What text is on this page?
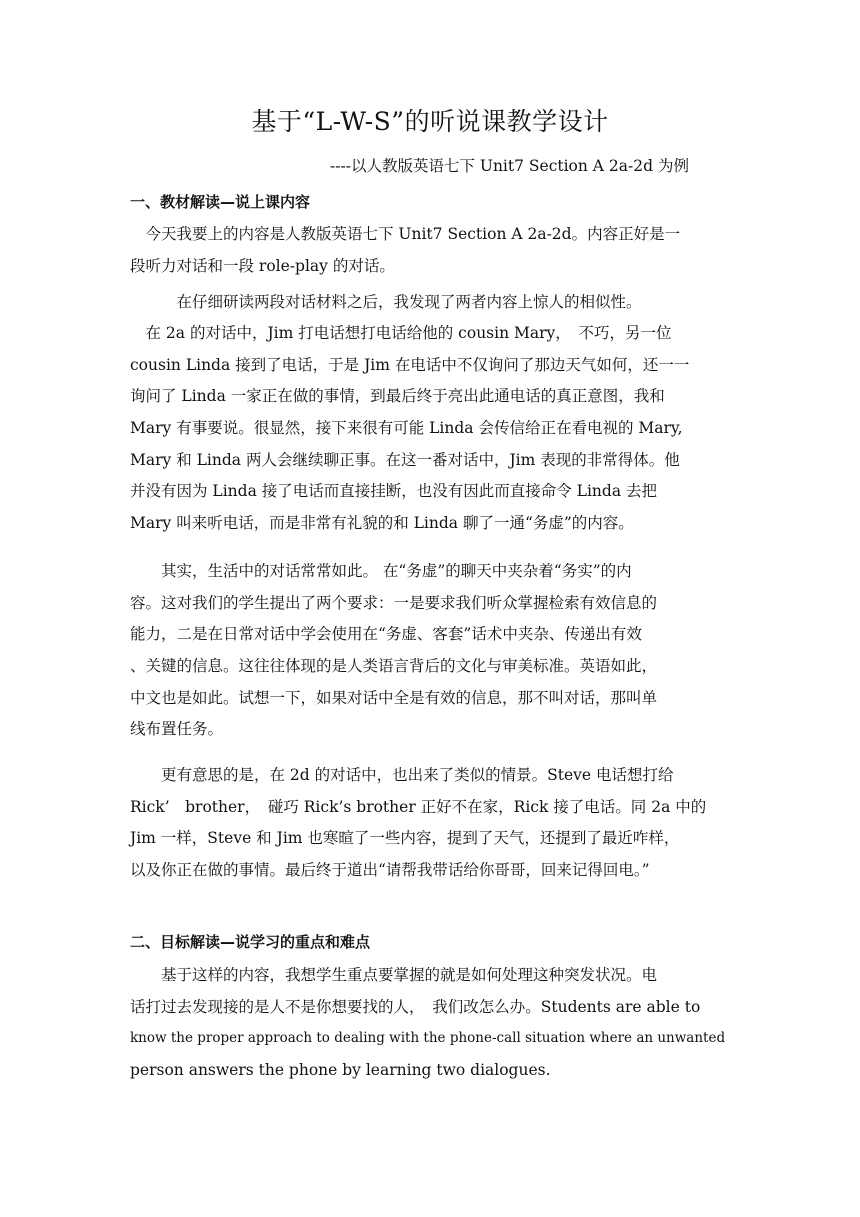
基于“L-W-S”的听说课教学设计
----以人教版英语七下 Unit7 Section A 2a-2d 为例
一、教材解读—说上课内容
　今天我要上的内容是人教版英语七下 Unit7 Section A 2a-2d。内容正好是一
段听力对话和一段 role-play 的对话。
　　　在仔细研读两段对话材料之后，我发现了两者内容上惊人的相似性。
　在 2a 的对话中，Jim 打电话想打电话给他的 cousin Mary，　不巧，另一位
cousin Linda 接到了电话，于是 Jim 在电话中不仅询问了那边天气如何，还一一
询问了 Linda 一家正在做的事情，到最后终于亮出此通电话的真正意图，我和
Mary 有事要说。很显然，接下来很有可能 Linda 会传信给正在看电视的 Mary,
Mary 和 Linda 两人会继续聊正事。在这一番对话中，Jim 表现的非常得体。他
并没有因为 Linda 接了电话而直接挂断，也没有因此而直接命令 Linda 去把
Mary 叫来听电话，而是非常有礼貌的和 Linda 聊了一通“务虚”的内容。
　　其实，生活中的对话常常如此。 在“务虚”的聊天中夹杂着“务实”的内
容。这对我们的学生提出了两个要求：一是要求我们听众掌握检索有效信息的
能力，二是在日常对话中学会使用在“务虚、客套”话术中夹杂、传递出有效
、关键的信息。这往往体现的是人类语言背后的文化与审美标准。英语如此，
中文也是如此。试想一下，如果对话中全是有效的信息，那不叫对话，那叫单
线布置任务。
　　更有意思的是，在 2d 的对话中，也出来了类似的情景。Steve 电话想打给
Rick’　brother，　碰巧 Rick’s brother 正好不在家，Rick 接了电话。同 2a 中的
Jim 一样，Steve 和 Jim 也寒暄了一些内容，提到了天气，还提到了最近咋样，
以及你正在做的事情。最后终于道出“请帮我带话给你哥哥，回来记得回电。”
二、目标解读—说学习的重点和难点
　　基于这样的内容，我想学生重点要掌握的就是如何处理这种突发状况。电
话打过去发现接的是人不是你想要找的人，　我们改怎么办。Students are able to
know the proper approach to dealing with the phone-call situation where an unwanted
person answers the phone by learning two dialogues.
